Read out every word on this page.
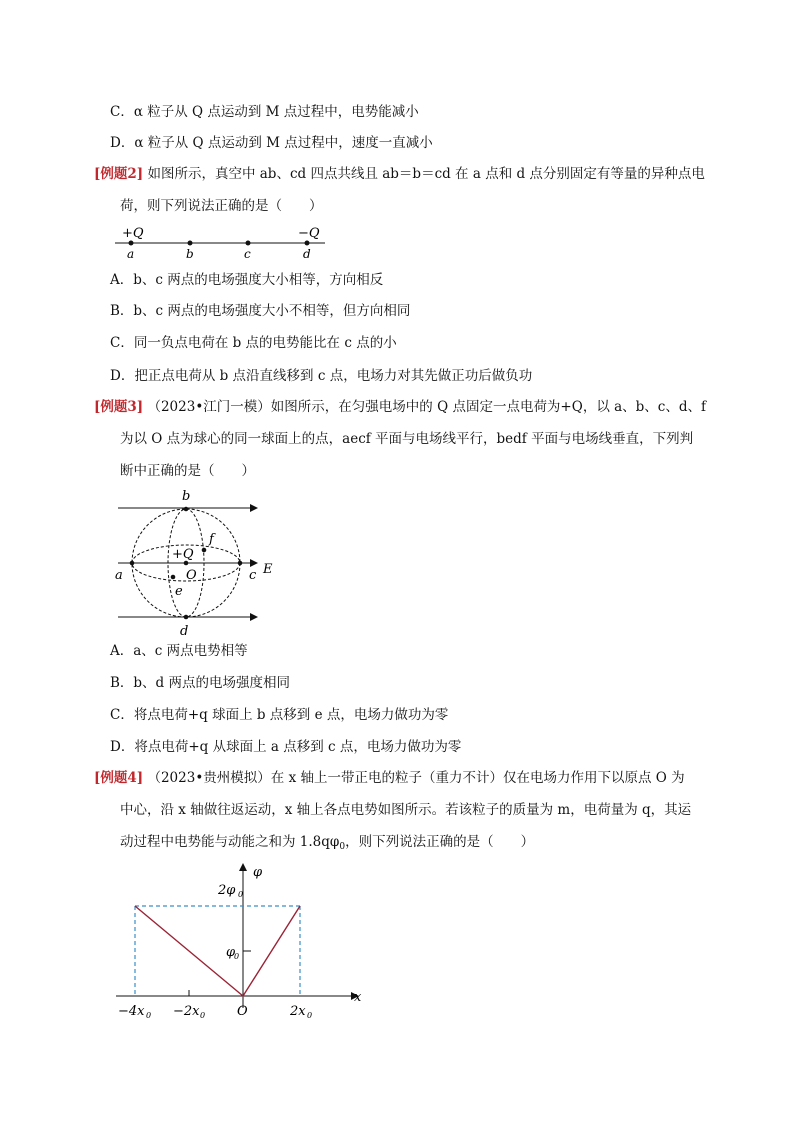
C．α 粒子从 Q 点运动到 M 点过程中，电势能减小
D．α 粒子从 Q 点运动到 M 点过程中，速度一直减小
[例题2] 如图所示，真空中 ab、cd 四点共线且 ab＝b＝cd 在 a 点和 d 点分别固定有等量的异种点电
荷，则下列说法正确的是（　　）
+Q	−Q
a	b	c	d
A．b、c 两点的电场强度大小相等，方向相反
B．b、c 两点的电场强度大小不相等，但方向相同
C．同一负点电荷在 b 点的电势能比在 c 点的小
D．把正点电荷从 b 点沿直线移到 c 点，电场力对其先做正功后做负功
[例题3] （2023•江门一模）如图所示，在匀强电场中的 Q 点固定一点电荷为+Q，以 a、b、c、d、f
为以 O 点为球心的同一球面上的点，aecf 平面与电场线平行，bedf 平面与电场线垂直，下列判
断中正确的是（　　）
b
f
+Q
O
a	c E
e
d
A．a、c 两点电势相等
B．b、d 两点的电场强度相同
C．将点电荷+q 球面上 b 点移到 e 点，电场力做功为零
D．将点电荷+q 从球面上 a 点移到 c 点，电场力做功为零
[例题4] （2023•贵州模拟）在 x 轴上一带正电的粒子（重力不计）仅在电场力作用下以原点 O 为
中心，沿 x 轴做往返运动，x 轴上各点电势如图所示。若该粒子的质量为 m，电荷量为 q，其运
动过程中电势能与动能之和为 $1.8q\varphi_0$，则下列说法正确的是（　　）
φ
2φ 0
φ
0
x
O
−4x 0 −2x 0	2x 0
